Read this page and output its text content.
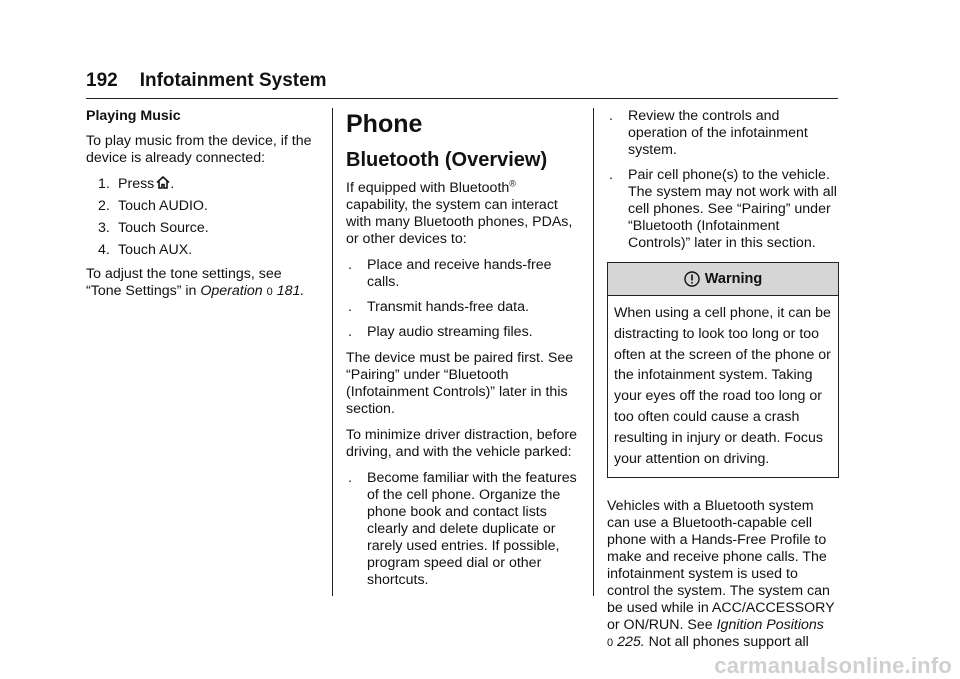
192 Infotainment System

Playing Music

To play music from the device, if the device is already connected:

1. Press .
2. Touch AUDIO.
3. Touch Source.
4. Touch AUX.

To adjust the tone settings, see “Tone Settings” in Operation 0 181.

Phone
Bluetooth (Overview)

If equipped with Bluetooth® capability, the system can interact with many Bluetooth phones, PDAs, or other devices to:

.	Place and receive hands-free calls.
.	Transmit hands-free data.
.	Play audio streaming files.

The device must be paired first. See “Pairing” under “Bluetooth (Infotainment Controls)” later in this section.

To minimize driver distraction, before driving, and with the vehicle parked:

.	Become familiar with the features of the cell phone. Organize the phone book and contact lists clearly and delete duplicate or rarely used entries. If possible, program speed dial or other shortcuts.
.	Review the controls and operation of the infotainment system.
.	Pair cell phone(s) to the vehicle. The system may not work with all cell phones. See “Pairing” under “Bluetooth (Infotainment Controls)” later in this section.
Warning
When using a cell phone, it can be distracting to look too long or too often at the screen of the phone or the infotainment system. Taking your eyes off the road too long or too often could cause a crash resulting in injury or death. Focus your attention on driving.

Vehicles with a Bluetooth system can use a Bluetooth-capable cell phone with a Hands-Free Profile to make and receive phone calls. The infotainment system is used to control the system. The system can be used while in ACC/ACCESSORY or ON/RUN. See Ignition Positions
0 225. Not all phones support all

carmanualsonline.info
